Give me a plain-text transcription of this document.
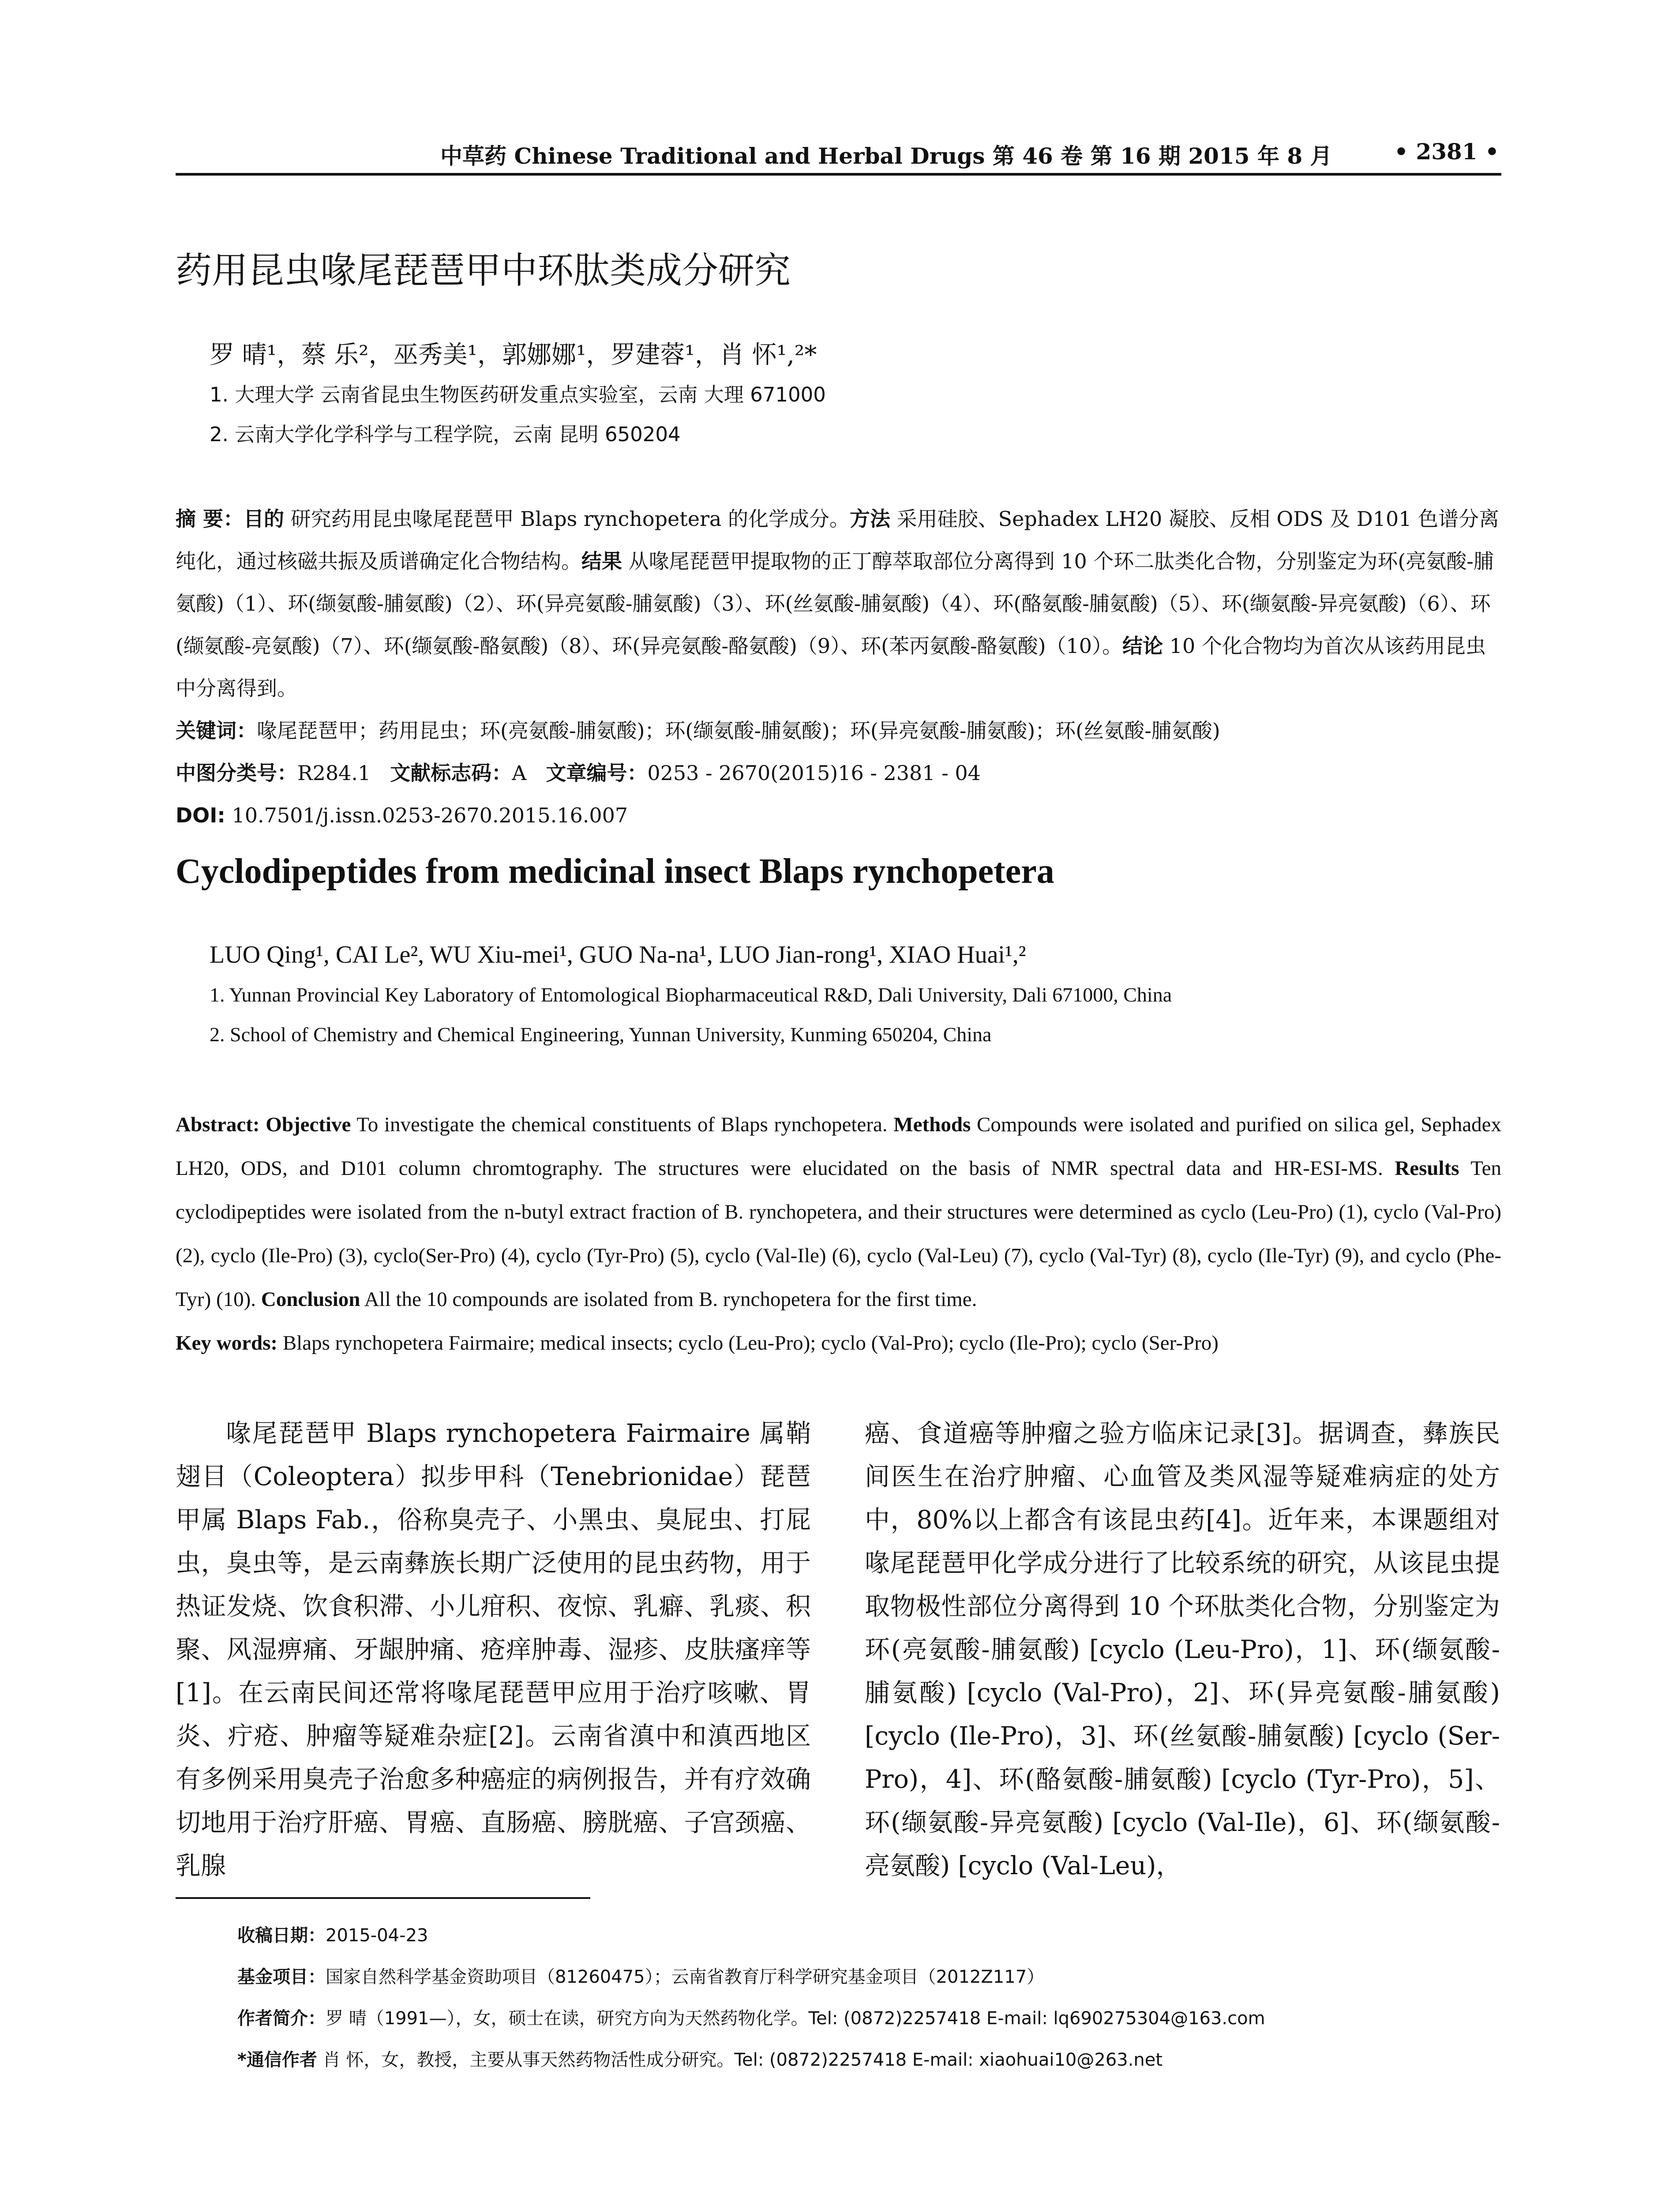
中草药 Chinese Traditional and Herbal Drugs 第 46 卷 第 16 期 2015 年 8 月	• 2381 •
药用昆虫喙尾琵琶甲中环肽类成分研究
罗 晴¹，蔡 乐²，巫秀美¹，郭娜娜¹，罗建蓉¹，肖 怀¹,²*
1. 大理大学 云南省昆虫生物医药研发重点实验室，云南 大理 671000
2. 云南大学化学科学与工程学院，云南 昆明 650204

摘 要：目的 研究药用昆虫喙尾琵琶甲 Blaps rynchopetera 的化学成分。方法 采用硅胶、Sephadex LH20 凝胶、反相 ODS 及 D101 色谱分离纯化，通过核磁共振及质谱确定化合物结构。结果 从喙尾琵琶甲提取物的正丁醇萃取部位分离得到 10 个环二肽类化合物，分别鉴定为环(亮氨酸-脯氨酸)（1）、环(缬氨酸-脯氨酸)（2）、环(异亮氨酸-脯氨酸)（3）、环(丝氨酸-脯氨酸)（4）、环(酪氨酸-脯氨酸)（5）、环(缬氨酸-异亮氨酸)（6）、环(缬氨酸-亮氨酸)（7）、环(缬氨酸-酪氨酸)（8）、环(异亮氨酸-酪氨酸)（9）、环(苯丙氨酸-酪氨酸)（10）。结论 10 个化合物均为首次从该药用昆虫中分离得到。

关键词：喙尾琵琶甲；药用昆虫；环(亮氨酸-脯氨酸)；环(缬氨酸-脯氨酸)；环(异亮氨酸-脯氨酸)；环(丝氨酸-脯氨酸)

中图分类号：R284.1 文献标志码：A 文章编号：0253 - 2670(2015)16 - 2381 - 04

DOI: 10.7501/j.issn.0253-2670.2015.16.007

Cyclodipeptides from medicinal insect Blaps rynchopetera
LUO Qing¹, CAI Le², WU Xiu-mei¹, GUO Na-na¹, LUO Jian-rong¹, XIAO Huai¹,²
1. Yunnan Provincial Key Laboratory of Entomological Biopharmaceutical R&D, Dali University, Dali 671000, China
2. School of Chemistry and Chemical Engineering, Yunnan University, Kunming 650204, China

Abstract: Objective To investigate the chemical constituents of Blaps rynchopetera. Methods Compounds were isolated and purified on silica gel, Sephadex LH20, ODS, and D101 column chromtography. The structures were elucidated on the basis of NMR spectral data and HR-ESI-MS. Results Ten cyclodipeptides were isolated from the n-butyl extract fraction of B. rynchopetera, and their structures were determined as cyclo (Leu-Pro) (1), cyclo (Val-Pro) (2), cyclo (Ile-Pro) (3), cyclo(Ser-Pro) (4), cyclo (Tyr-Pro) (5), cyclo (Val-Ile) (6), cyclo (Val-Leu) (7), cyclo (Val-Tyr) (8), cyclo (Ile-Tyr) (9), and cyclo (Phe-Tyr) (10). Conclusion All the 10 compounds are isolated from B. rynchopetera for the first time.

Key words: Blaps rynchopetera Fairmaire; medical insects; cyclo (Leu-Pro); cyclo (Val-Pro); cyclo (Ile-Pro); cyclo (Ser-Pro)

喙尾琵琶甲 Blaps rynchopetera Fairmaire 属鞘翅目（Coleoptera）拟步甲科（Tenebrionidae）琵琶甲属 Blaps Fab.，俗称臭壳子、小黑虫、臭屁虫、打屁虫，臭虫等，是云南彝族长期广泛使用的昆虫药物，用于热证发烧、饮食积滞、小儿疳积、夜惊、乳癖、乳痰、积聚、风湿痹痛、牙龈肿痛、疮痒肿毒、湿疹、皮肤瘙痒等[1]。在云南民间还常将喙尾琵琶甲应用于治疗咳嗽、胃炎、疔疮、肿瘤等疑难杂症[2]。云南省滇中和滇西地区有多例采用臭壳子治愈多种癌症的病例报告，并有疗效确切地用于治疗肝癌、胃癌、直肠癌、膀胱癌、子宫颈癌、乳腺

癌、食道癌等肿瘤之验方临床记录[3]。据调查，彝族民间医生在治疗肿瘤、心血管及类风湿等疑难病症的处方中，80%以上都含有该昆虫药[4]。近年来，本课题组对喙尾琵琶甲化学成分进行了比较系统的研究，从该昆虫提取物极性部位分离得到 10 个环肽类化合物，分别鉴定为环(亮氨酸-脯氨酸) [cyclo (Leu-Pro)，1]、环(缬氨酸-脯氨酸) [cyclo (Val-Pro)，2]、环(异亮氨酸-脯氨酸) [cyclo (Ile-Pro)，3]、环(丝氨酸-脯氨酸) [cyclo (Ser-Pro)，4]、环(酪氨酸-脯氨酸) [cyclo (Tyr-Pro)，5]、环(缬氨酸-异亮氨酸) [cyclo (Val-Ile)，6]、环(缬氨酸-亮氨酸) [cyclo (Val-Leu)，

收稿日期：2015-04-23
基金项目：国家自然科学基金资助项目（81260475）；云南省教育厅科学研究基金项目（2012Z117）
作者简介：罗 晴（1991—），女，硕士在读，研究方向为天然药物化学。Tel: (0872)2257418 E-mail: lq690275304@163.com
*通信作者 肖 怀，女，教授，主要从事天然药物活性成分研究。Tel: (0872)2257418 E-mail: xiaohuai10@263.net
